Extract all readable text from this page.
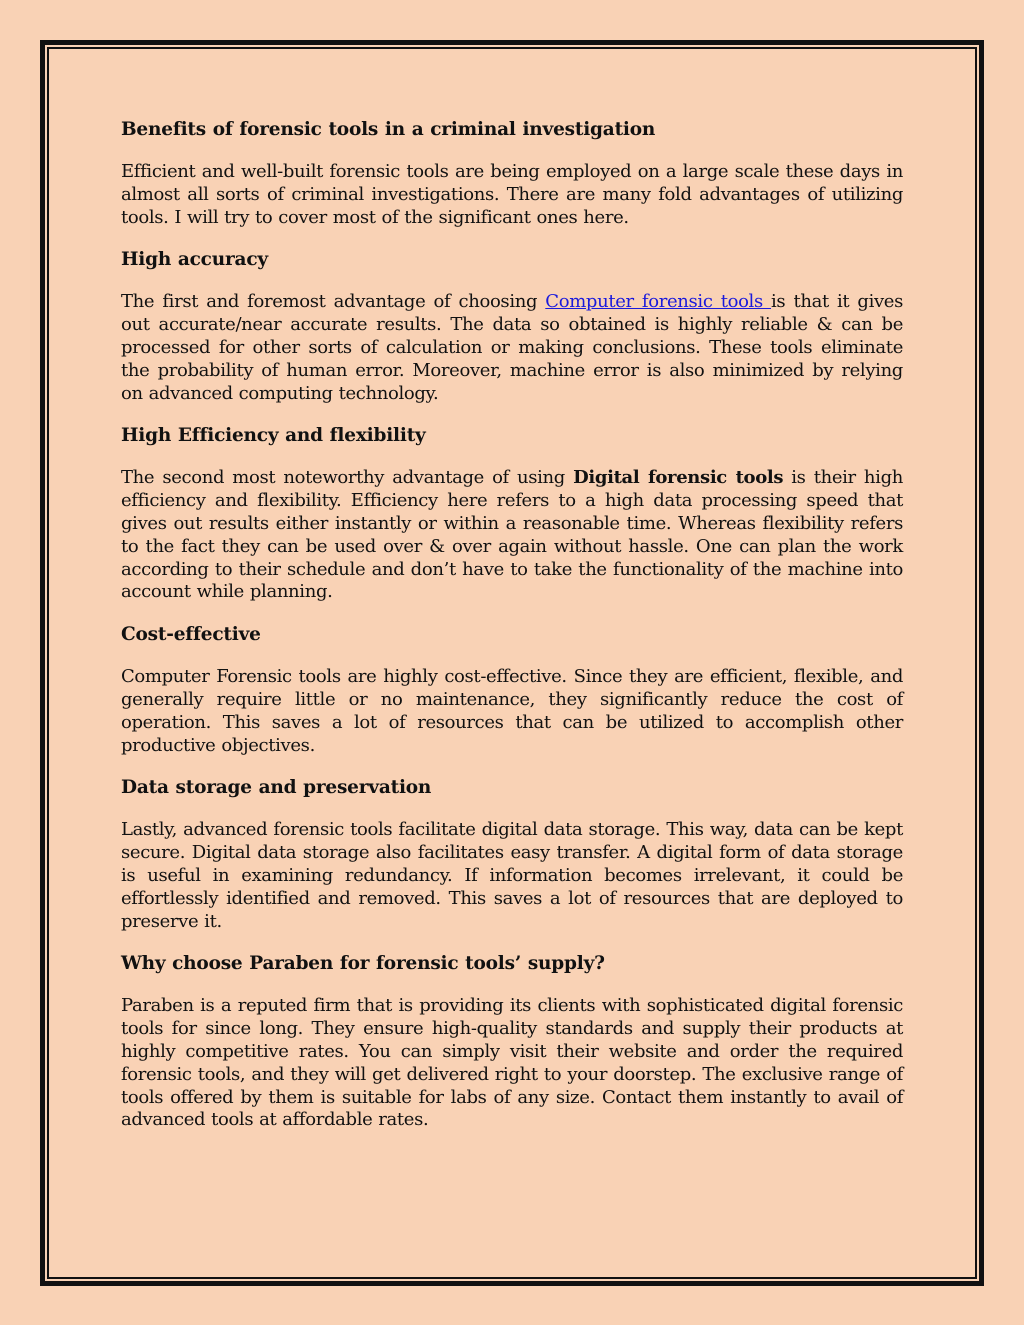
Benefits of forensic tools in a criminal investigation

Efficient and well-built forensic tools are being employed on a large scale these days in almost all sorts of criminal investigations. There are many fold advantages of utilizing tools. I will try to cover most of the significant ones here.

High accuracy

The first and foremost advantage of choosing Computer forensic tools is that it gives out accurate/near accurate results. The data so obtained is highly reliable & can be processed for other sorts of calculation or making conclusions. These tools eliminate the probability of human error. Moreover, machine error is also minimized by relying on advanced computing technology.

High Efficiency and flexibility

The second most noteworthy advantage of using Digital forensic tools is their high efficiency and flexibility. Efficiency here refers to a high data processing speed that gives out results either instantly or within a reasonable time. Whereas flexibility refers to the fact they can be used over & over again without hassle. One can plan the work according to their schedule and don’t have to take the functionality of the machine into account while planning.

Cost-effective

Computer Forensic tools are highly cost-effective. Since they are efficient, flexible, and generally require little or no maintenance, they significantly reduce the cost of operation. This saves a lot of resources that can be utilized to accomplish other productive objectives.

Data storage and preservation

Lastly, advanced forensic tools facilitate digital data storage. This way, data can be kept secure. Digital data storage also facilitates easy transfer. A digital form of data storage is useful in examining redundancy. If information becomes irrelevant, it could be effortlessly identified and removed. This saves a lot of resources that are deployed to preserve it.

Why choose Paraben for forensic tools’ supply?

Paraben is a reputed firm that is providing its clients with sophisticated digital forensic tools for since long. They ensure high-quality standards and supply their products at highly competitive rates. You can simply visit their website and order the required forensic tools, and they will get delivered right to your doorstep. The exclusive range of tools offered by them is suitable for labs of any size. Contact them instantly to avail of advanced tools at affordable rates.
